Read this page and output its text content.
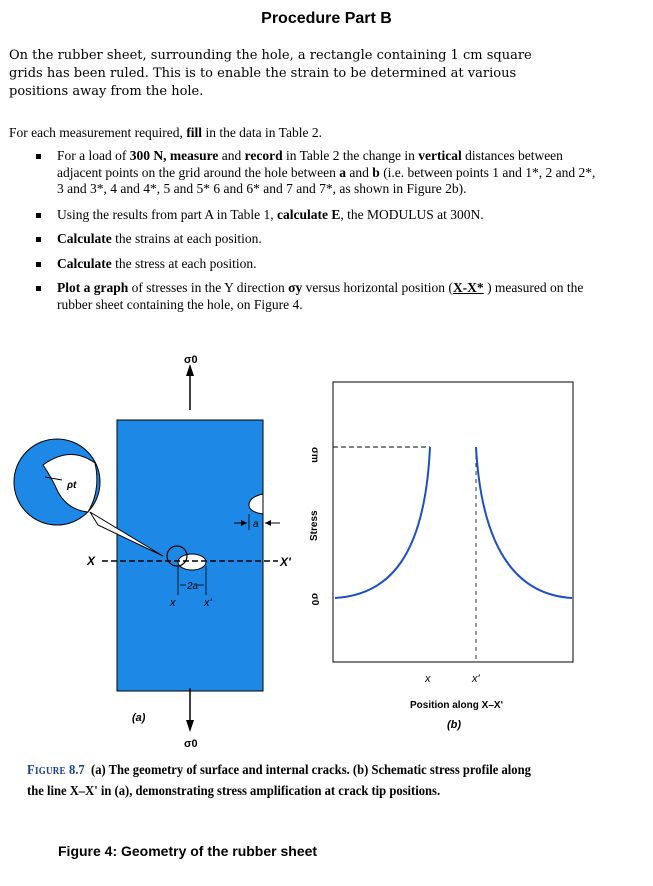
Procedure Part B
On the rubber sheet, surrounding the hole, a rectangle containing 1 cm square grids has been ruled. This is to enable the strain to be determined at various positions away from the hole.
For each measurement required, fill in the data in Table 2.
For a load of 300 N, measure and record in Table 2 the change in vertical distances between adjacent points on the grid around the hole between a and b (i.e. between points 1 and 1*, 2 and 2*, 3 and 3*, 4 and 4*, 5 and 5* 6 and 6* and 7 and 7*, as shown in Figure 2b).
Using the results from part A in Table 1, calculate E, the MODULUS at 300N.
Calculate the strains at each position.
Calculate the stress at each position.
Plot a graph of stresses in the Y direction σy versus horizontal position (X-X* ) measured on the rubber sheet containing the hole, on Figure 4.
2a
x	x'
a
X	X'
σ0
σ0
(a)
ρt
Stress
σm
σ0
x	x'
Position along X–X'
(b)
Figure 8.7 (a) The geometry of surface and internal cracks. (b) Schematic stress profile along the line X–X' in (a), demonstrating stress amplification at crack tip positions.
Figure 4: Geometry of the rubber sheet
